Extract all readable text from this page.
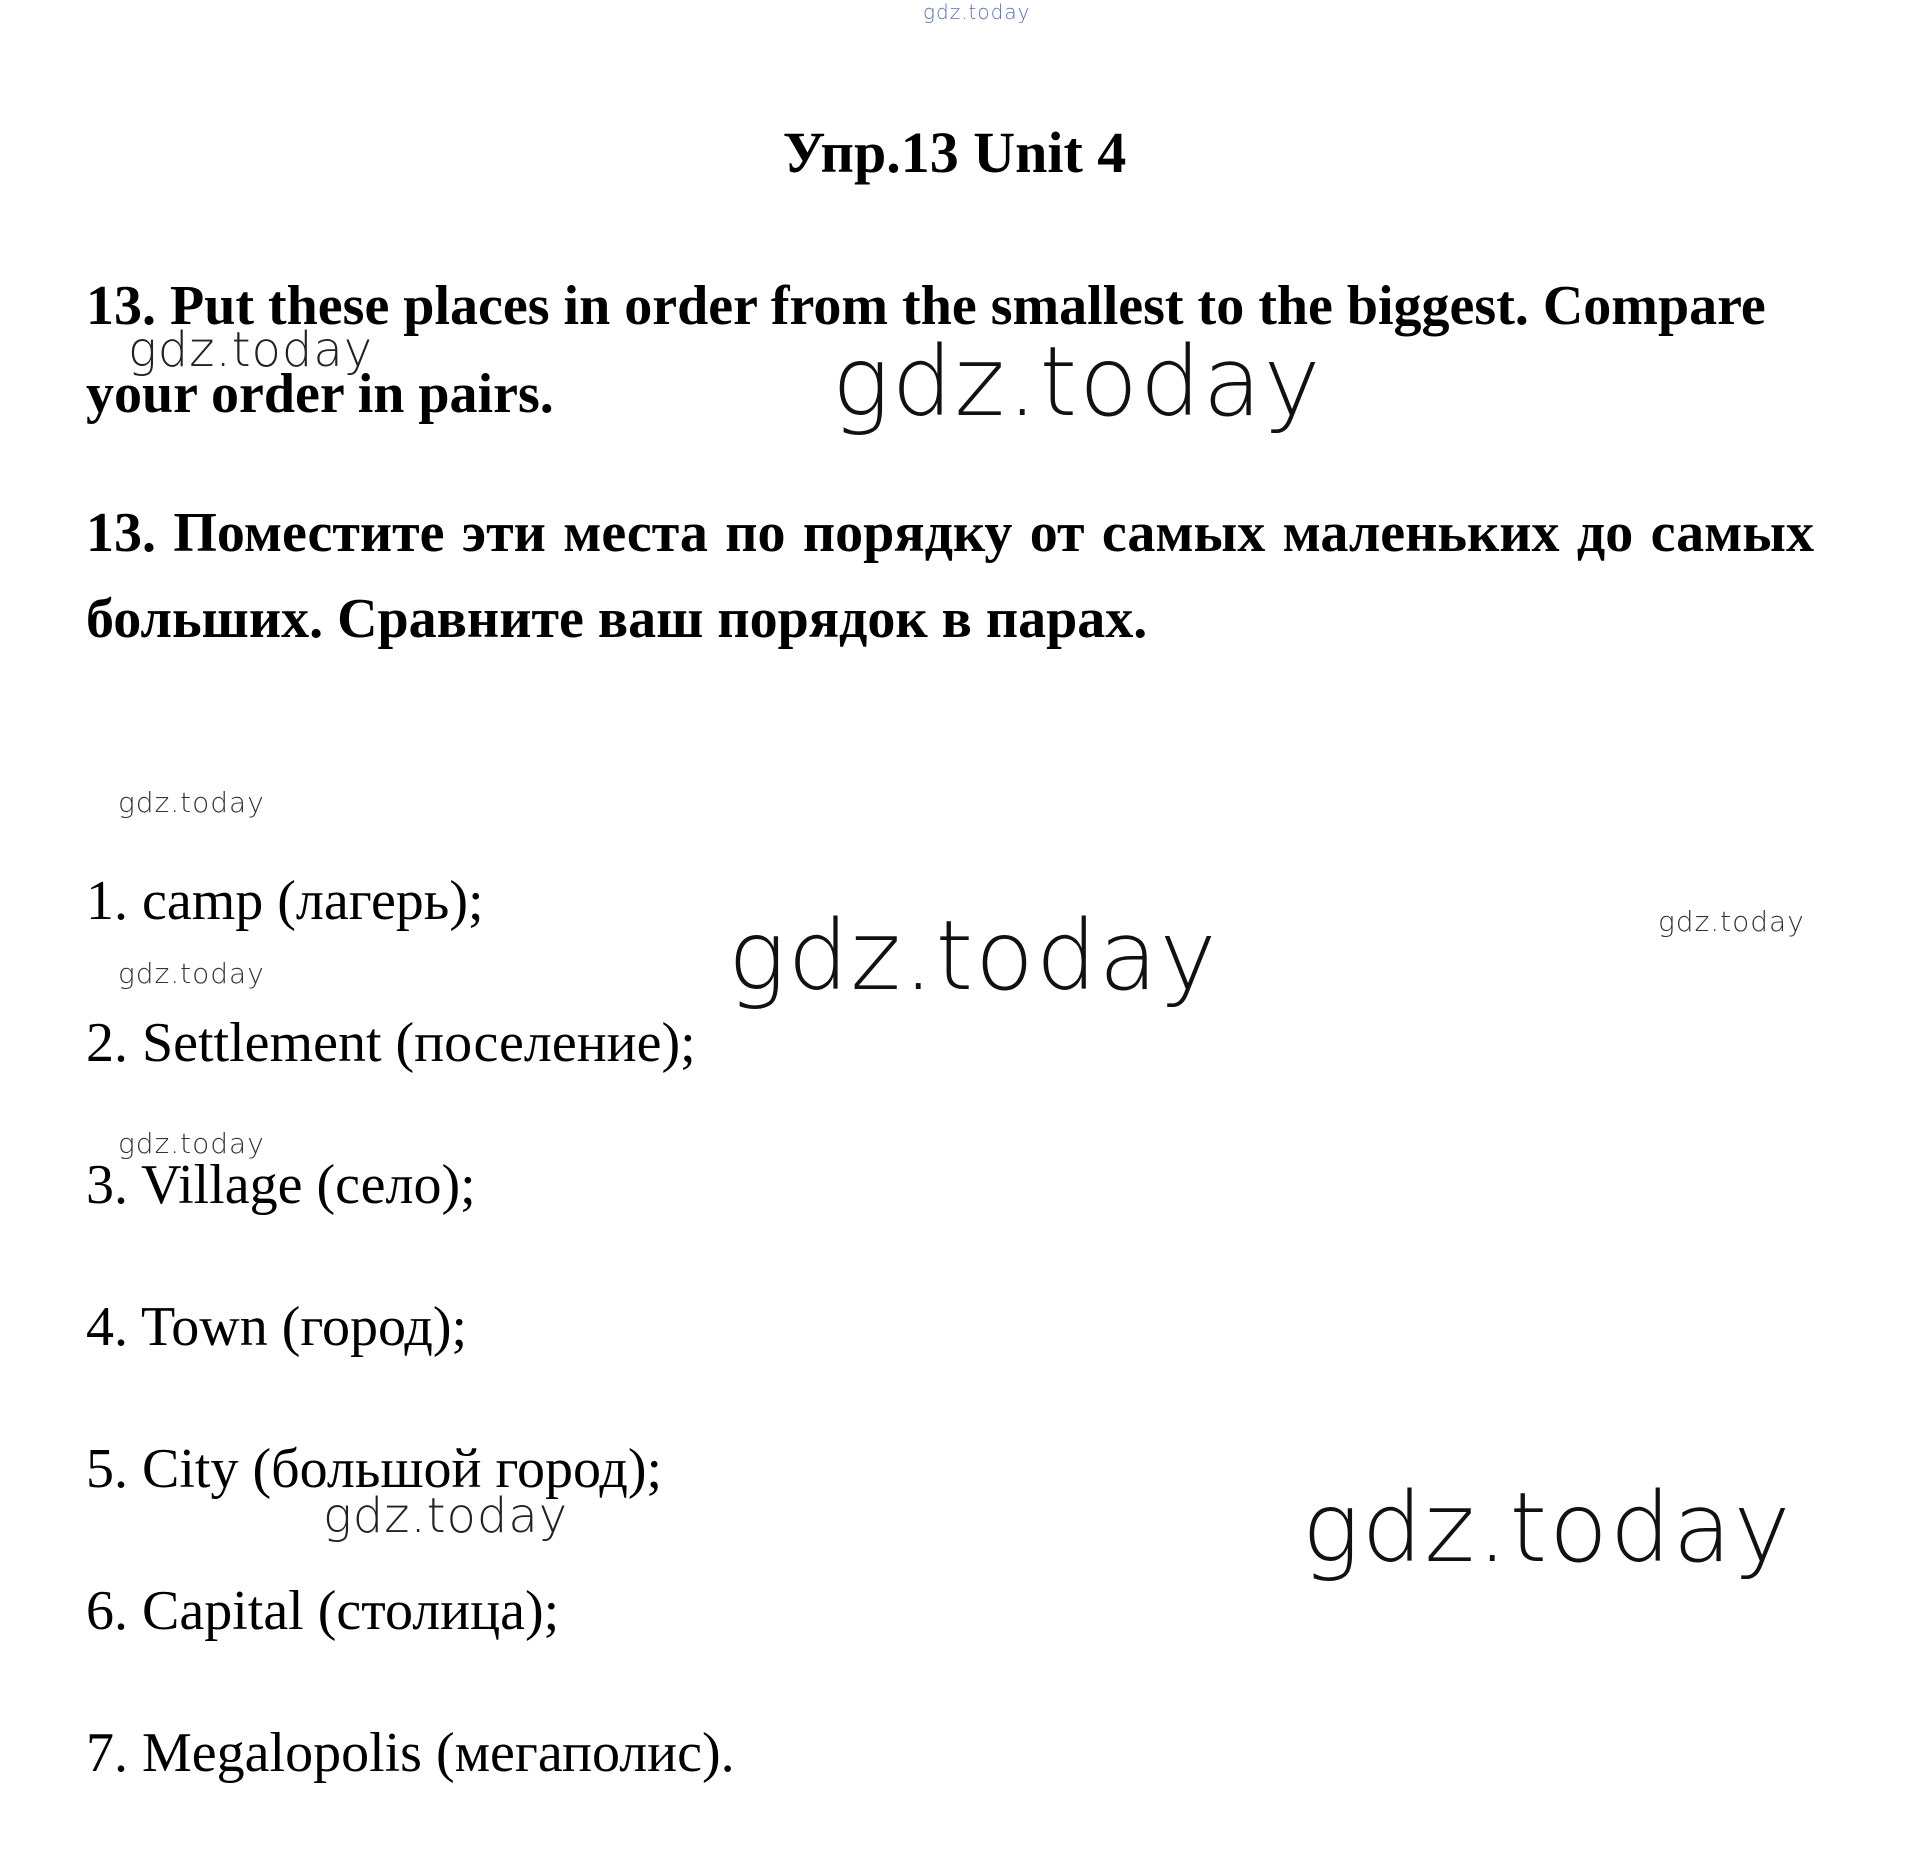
gdz.today
Упр.13 Unit 4
13. Put these places in order from the smallest to the biggest. Compare your order in pairs.
13. Поместите эти места по порядку от самых маленьких до самых больших. Сравните ваш порядок в парах.
1. camp (лагерь);
2. Settlement (поселение);
3. Village (село);
4. Town (город);
5. City (большой город);
6. Capital (столица);
7. Megalopolis (мегаполис).
gdz.today	gdz.today
gdz.today
gdz.today	gdz.today
gdz.today
gdz.today
gdz.today	gdz.today
